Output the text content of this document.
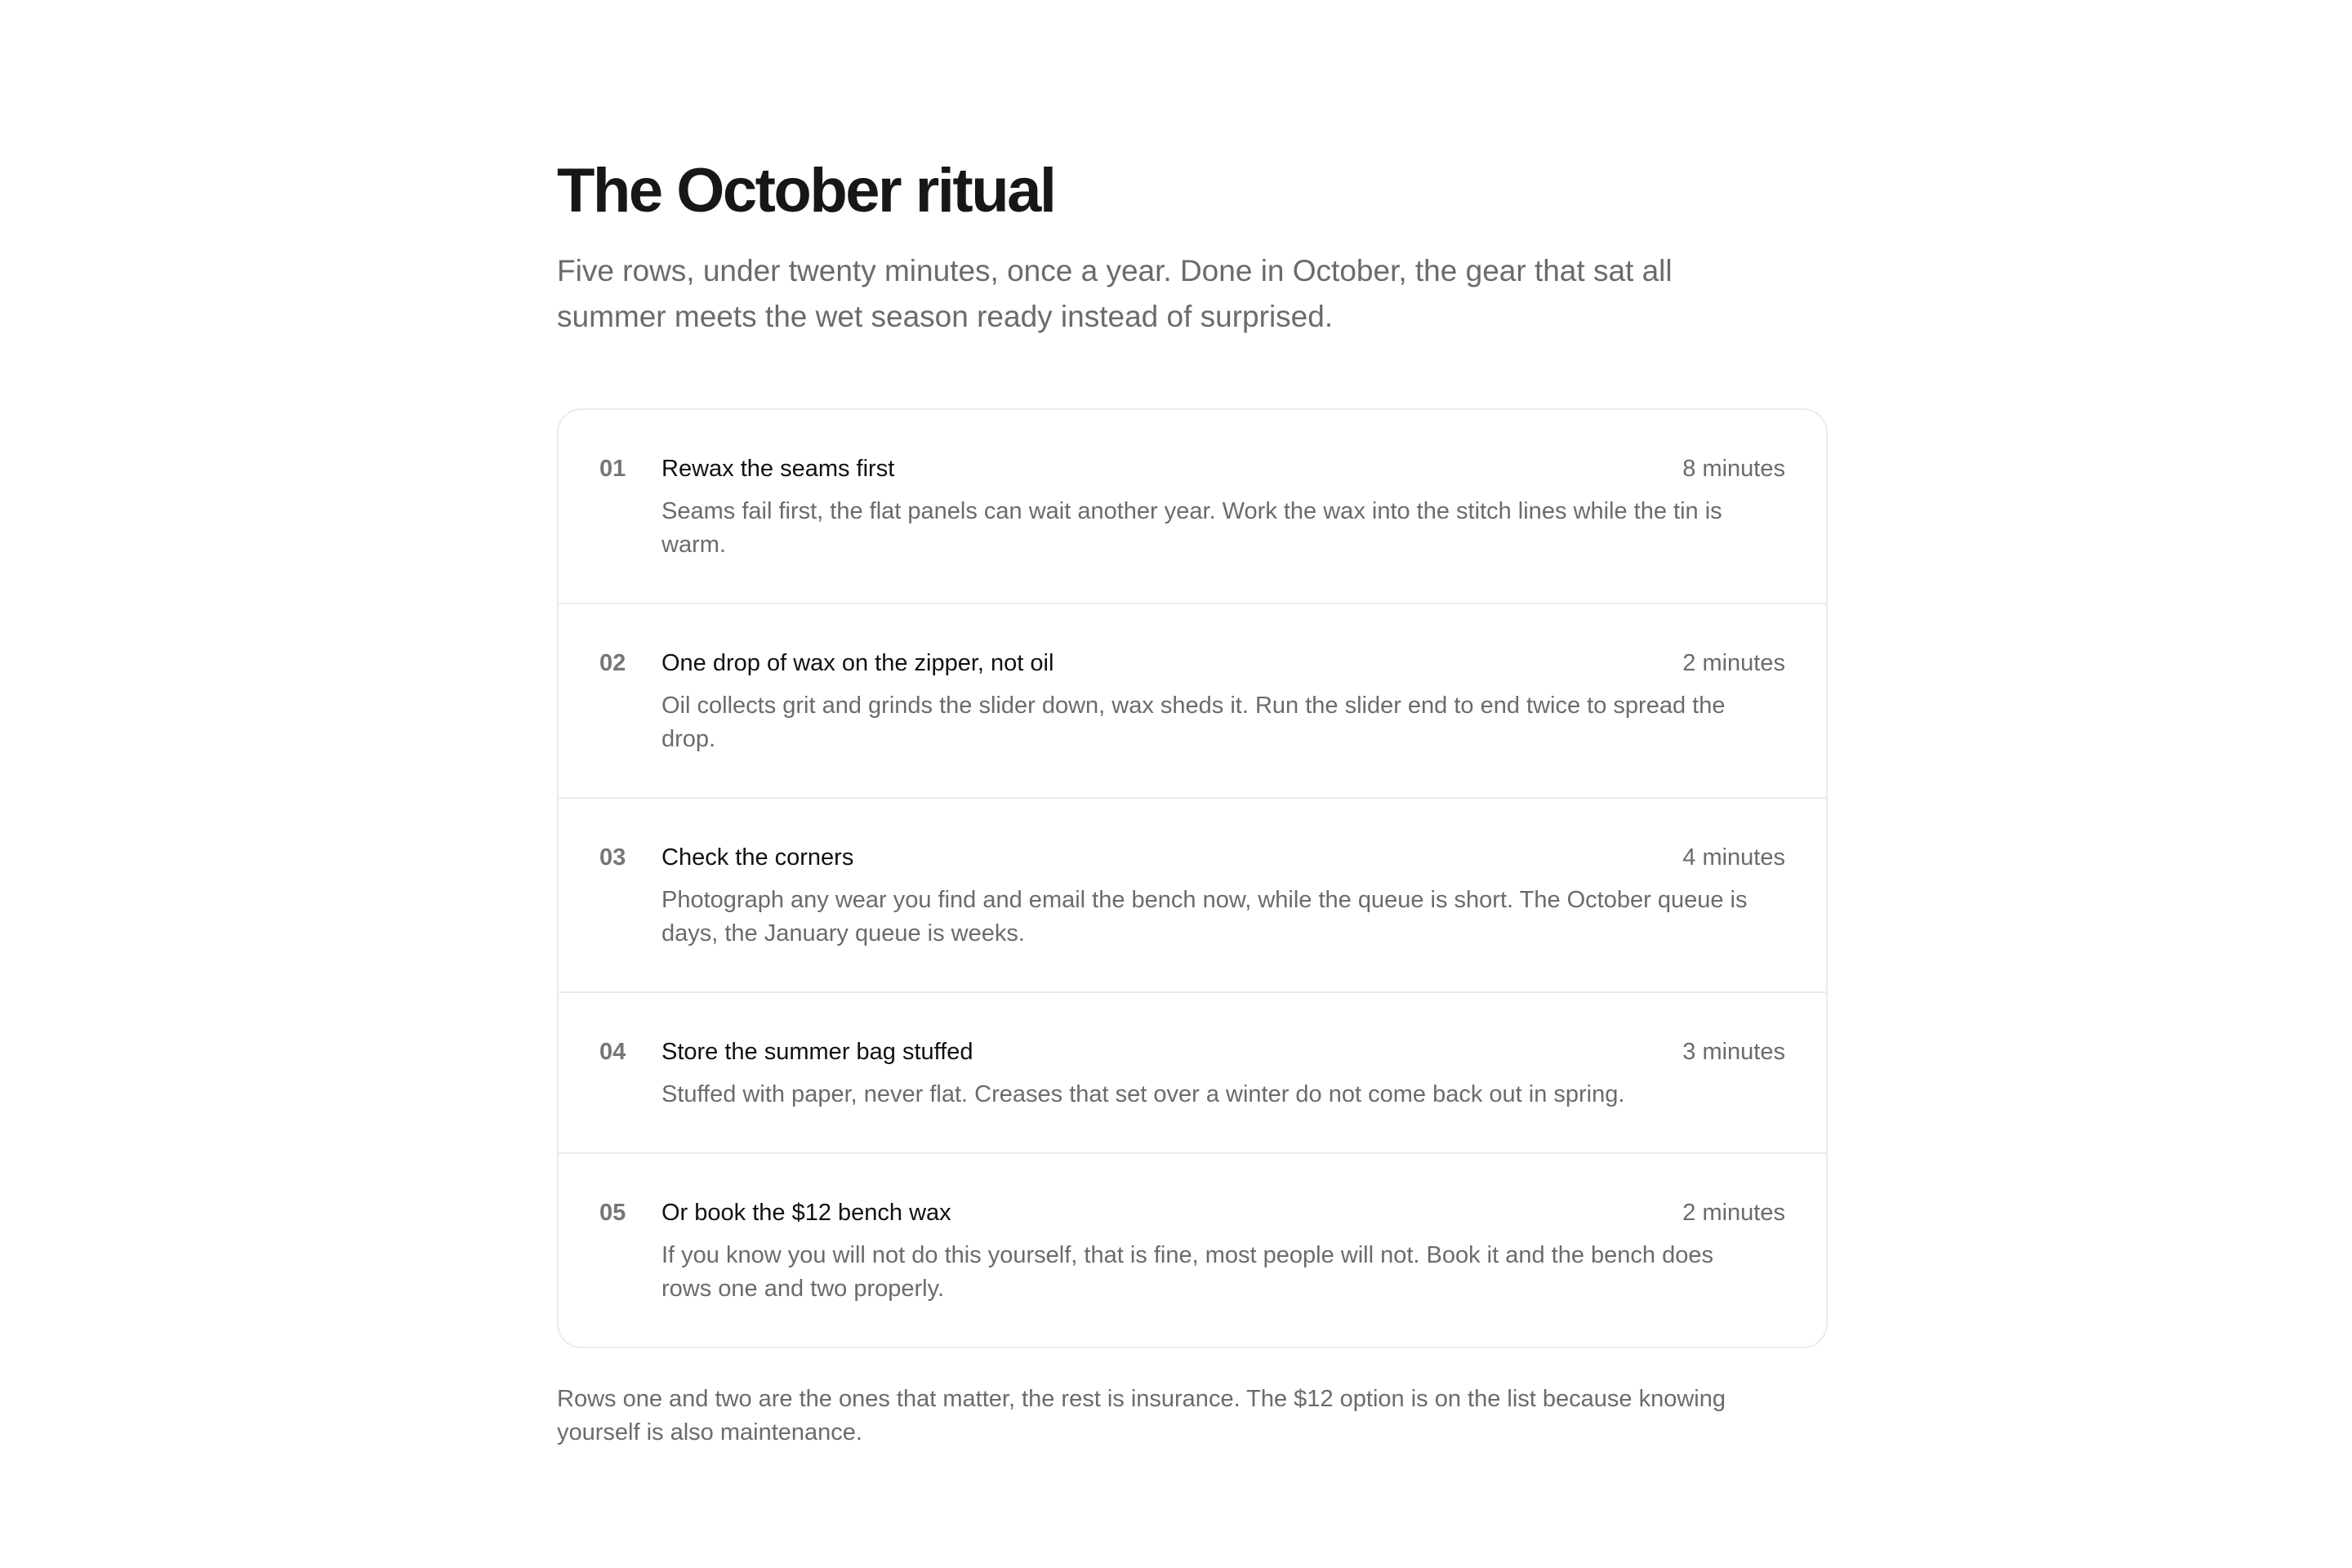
The October ritual

Five rows, under twenty minutes, once a year. Done in October, the gear that sat all summer meets the wet season ready instead of surprised.

01 Rewax the seams first	8 minutes
Seams fail first, the flat panels can wait another year. Work the wax into the stitch lines while the tin is warm.
02 One drop of wax on the zipper, not oil	2 minutes
Oil collects grit and grinds the slider down, wax sheds it. Run the slider end to end twice to spread the drop.
03 Check the corners	4 minutes
Photograph any wear you find and email the bench now, while the queue is short. The October queue is days, the January queue is weeks.
04 Store the summer bag stuffed	3 minutes
Stuffed with paper, never flat. Creases that set over a winter do not come back out in spring.
05 Or book the $12 bench wax	2 minutes
If you know you will not do this yourself, that is fine, most people will not. Book it and the bench does rows one and two properly.

Rows one and two are the ones that matter, the rest is insurance. The $12 option is on the list because knowing yourself is also maintenance.
